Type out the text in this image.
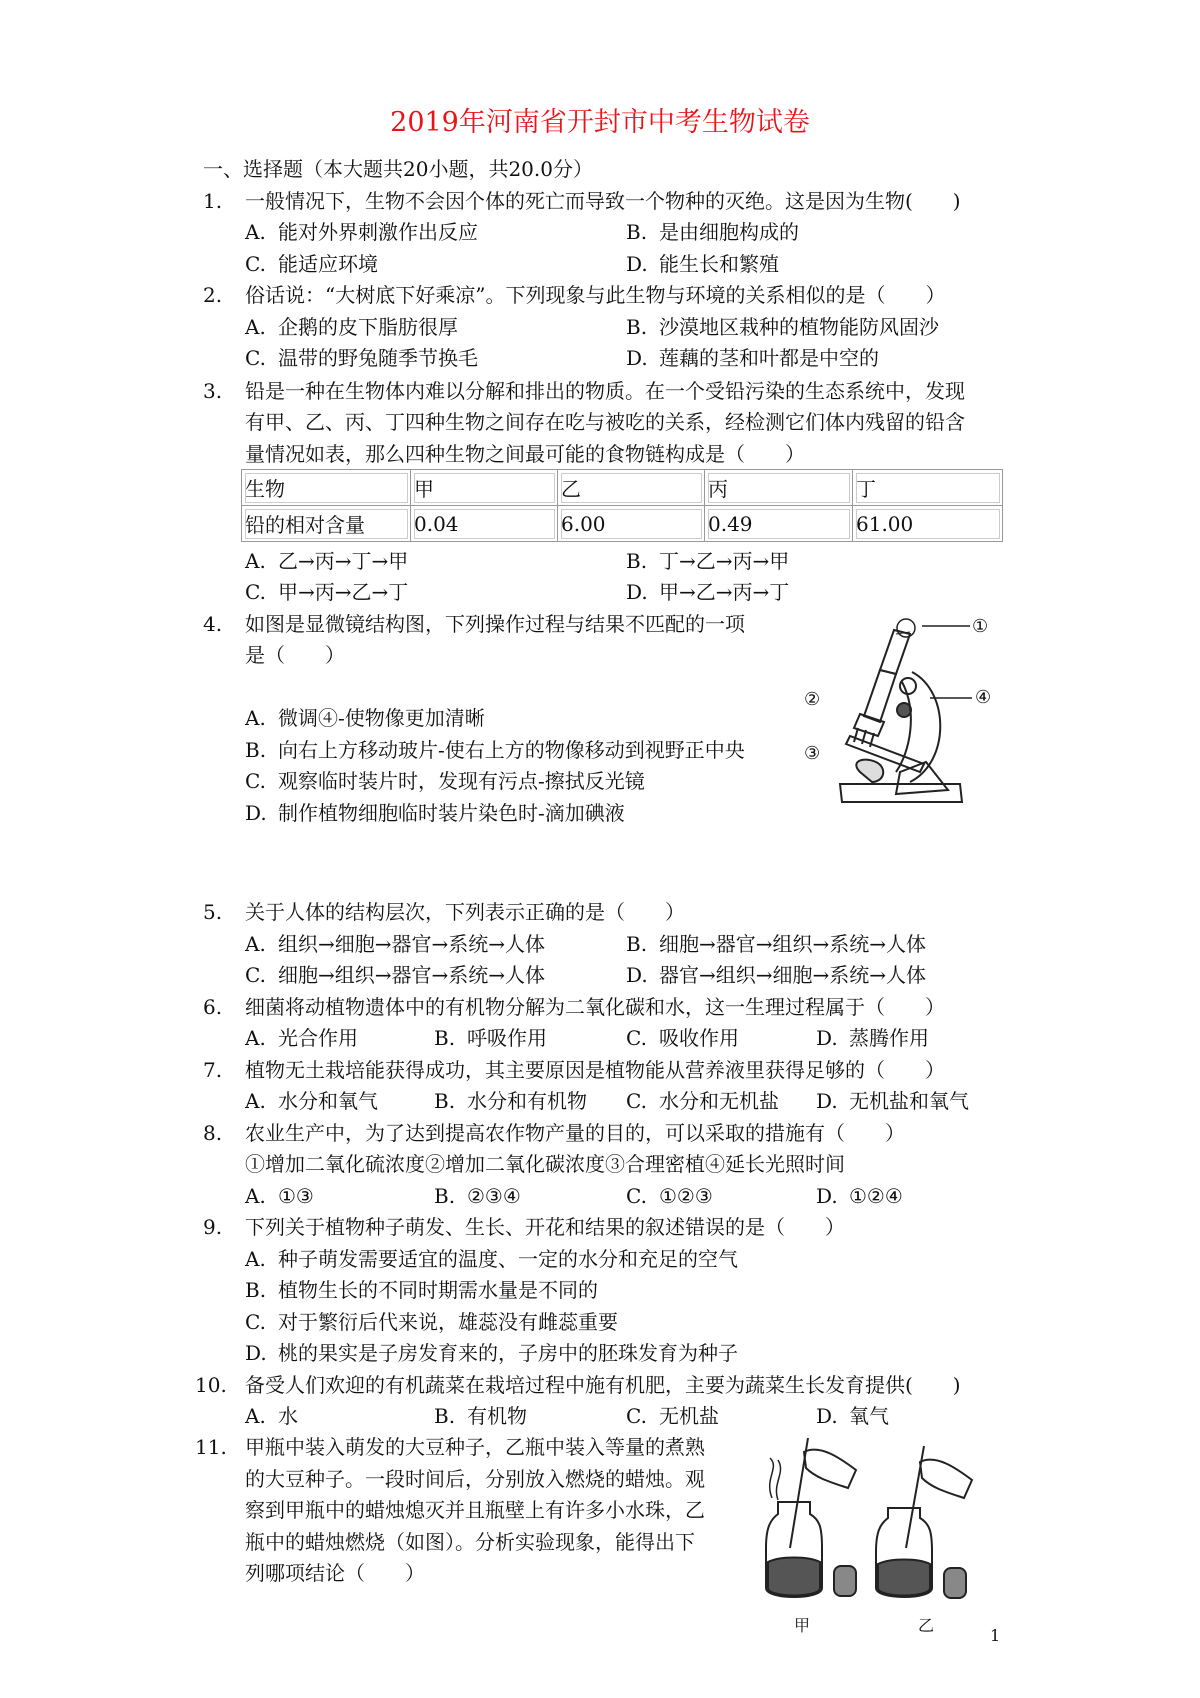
2019年河南省开封市中考生物试卷
一、选择题（本大题共20小题，共20.0分）
生物	甲	乙	丙	丁
铅的相对含量	0.04	6.00	0.49	61.00
①
②
③
④
甲	乙
1
1. 一般情况下，生物不会因个体的死亡而导致一个物种的灭绝。这是因为生物(　　)
A. 能对外界刺激作出反应	B. 是由细胞构成的
C. 能适应环境	D. 能生长和繁殖
2. 俗话说：“大树底下好乘凉”。下列现象与此生物与环境的关系相似的是（　　）
A. 企鹅的皮下脂肪很厚	B. 沙漠地区栽种的植物能防风固沙
C. 温带的野兔随季节换毛	D. 莲藕的茎和叶都是中空的
3. 铅是一种在生物体内难以分解和排出的物质。在一个受铅污染的生态系统中，发现
有甲、乙、丙、丁四种生物之间存在吃与被吃的关系，经检测它们体内残留的铅含
量情况如表，那么四种生物之间最可能的食物链构成是（　　）
A. 乙→丙→丁→甲	B. 丁→乙→丙→甲
C. 甲→丙→乙→丁	D. 甲→乙→丙→丁
4. 如图是显微镜结构图，下列操作过程与结果不匹配的一项
是（　　）
A. 微调④-使物像更加清晰
B. 向右上方移动玻片-使右上方的物像移动到视野正中央
C. 观察临时装片时，发现有污点-擦拭反光镜
D. 制作植物细胞临时装片染色时-滴加碘液
5. 关于人体的结构层次，下列表示正确的是（　　）
A. 组织→细胞→器官→系统→人体	B. 细胞→器官→组织→系统→人体
C. 细胞→组织→器官→系统→人体	D. 器官→组织→细胞→系统→人体
6. 细菌将动植物遗体中的有机物分解为二氧化碳和水，这一生理过程属于（　　）
A. 光合作用	B. 呼吸作用	C. 吸收作用	D. 蒸腾作用
7. 植物无土栽培能获得成功，其主要原因是植物能从营养液里获得足够的（　　）
A. 水分和氧气	B. 水分和有机物 C. 水分和无机盐 D. 无机盐和氧气
8. 农业生产中，为了达到提高农作物产量的目的，可以采取的措施有（　　）
①增加二氧化硫浓度②增加二氧化碳浓度③合理密植④延长光照时间
A. ①③	B. ②③④	C. ①②③	D. ①②④
9. 下列关于植物种子萌发、生长、开花和结果的叙述错误的是（　　）
A. 种子萌发需要适宜的温度、一定的水分和充足的空气
B. 植物生长的不同时期需水量是不同的
C. 对于繁衍后代来说，雄蕊没有雌蕊重要
D. 桃的果实是子房发育来的，子房中的胚珠发育为种子
10. 备受人们欢迎的有机蔬菜在栽培过程中施有机肥，主要为蔬菜生长发育提供(　　)
A. 水	B. 有机物	C. 无机盐	D. 氧气
11. 甲瓶中装入萌发的大豆种子，乙瓶中装入等量的煮熟
的大豆种子。一段时间后，分别放入燃烧的蜡烛。观
察到甲瓶中的蜡烛熄灭并且瓶壁上有许多小水珠，乙
瓶中的蜡烛燃烧（如图）。分析实验现象，能得出下
列哪项结论（　　）
